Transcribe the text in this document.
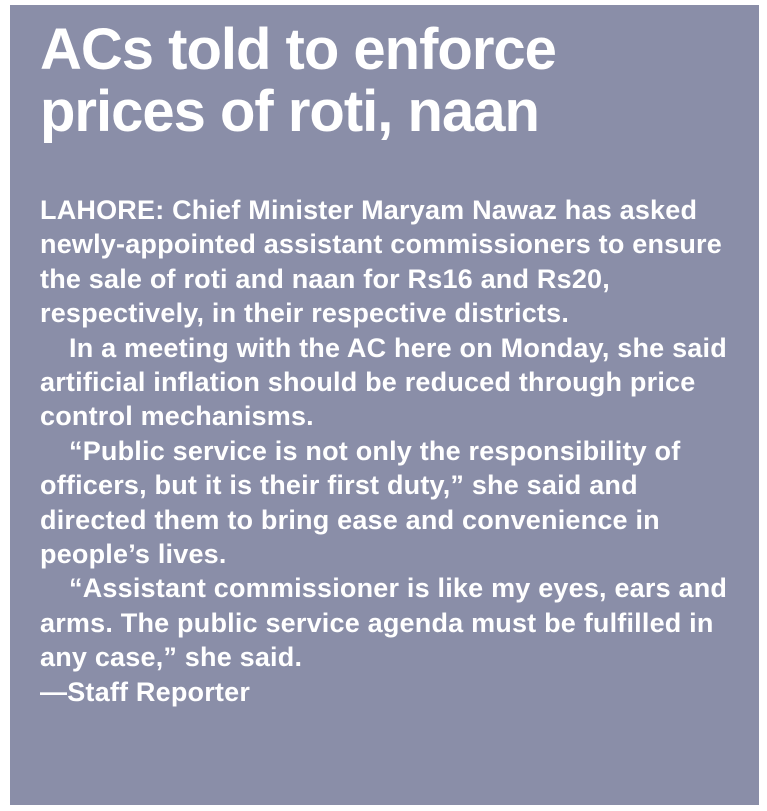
ACs told to enforce
prices of roti, naan

LAHORE: Chief Minister Maryam Nawaz has asked newly-appointed assistant commissioners to ensure the sale of roti and naan for Rs16 and Rs20, respectively, in their respective districts.

In a meeting with the AC here on Monday, she said artificial inflation should be reduced through price control mechanisms.

“Public service is not only the responsibility of officers, but it is their first duty,” she said and directed them to bring ease and convenience in people’s lives.

“Assistant commissioner is like my eyes, ears and arms. The public service agenda must be fulfilled in any case,” she said.

—Staff Reporter
